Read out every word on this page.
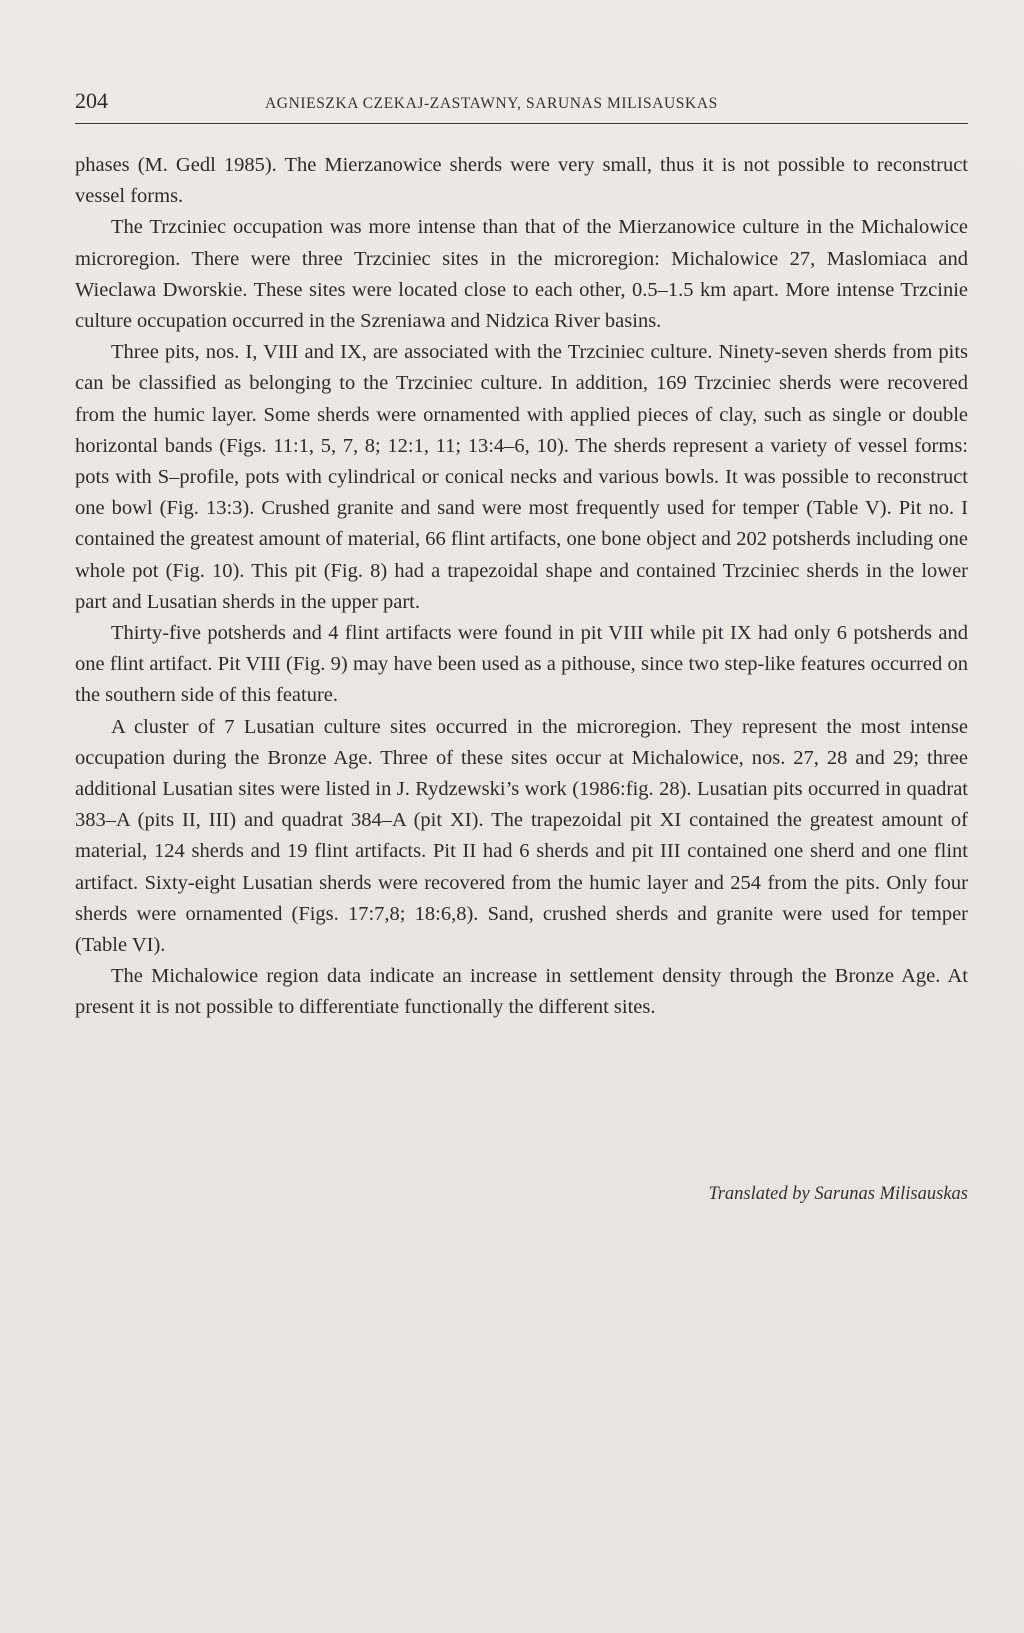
204	AGNIESZKA CZEKAJ-ZASTAWNY, SARUNAS MILISAUSKAS

phases (M. Gedl 1985). The Mierzanowice sherds were very small, thus it is not possible to reconstruct vessel forms.

The Trzciniec occupation was more intense than that of the Mierzanowice culture in the Michalowice microregion. There were three Trzciniec sites in the microregion: Michalowice 27, Maslomiaca and Wieclawa Dworskie. These sites were located close to each other, 0.5–1.5 km apart. More intense Trzcinie culture occupation occurred in the Szreniawa and Nidzica River basins.

Three pits, nos. I, VIII and IX, are associated with the Trzciniec culture. Ninety-seven sherds from pits can be classified as belonging to the Trzciniec culture. In addition, 169 Trzciniec sherds were recovered from the humic layer. Some sherds were ornamented with applied pieces of clay, such as single or double horizontal bands (Figs. 11:1, 5, 7, 8; 12:1, 11; 13:4–6, 10). The sherds represent a variety of vessel forms: pots with S–profile, pots with cylindrical or conical necks and various bowls. It was possible to reconstruct one bowl (Fig. 13:3). Crushed granite and sand were most frequently used for temper (Table V). Pit no. I contained the greatest amount of material, 66 flint artifacts, one bone object and 202 potsherds including one whole pot (Fig. 10). This pit (Fig. 8) had a trapezoidal shape and contained Trzciniec sherds in the lower part and Lusatian sherds in the upper part.

Thirty-five potsherds and 4 flint artifacts were found in pit VIII while pit IX had only 6 potsherds and one flint artifact. Pit VIII (Fig. 9) may have been used as a pithouse, since two step-like features occurred on the southern side of this feature.

A cluster of 7 Lusatian culture sites occurred in the microregion. They represent the most intense occupation during the Bronze Age. Three of these sites occur at Michalowice, nos. 27, 28 and 29; three additional Lusatian sites were listed in J. Rydzewski’s work (1986:fig. 28). Lusatian pits occurred in quadrat 383–A (pits II, III) and quadrat 384–A (pit XI). The trapezoidal pit XI contained the greatest amount of material, 124 sherds and 19 flint artifacts. Pit II had 6 sherds and pit III contained one sherd and one flint artifact. Sixty-eight Lusatian sherds were recovered from the humic layer and 254 from the pits. Only four sherds were ornamented (Figs. 17:7,8; 18:6,8). Sand, crushed sherds and granite were used for temper (Table VI).

The Michalowice region data indicate an increase in settlement density through the Bronze Age. At present it is not possible to differentiate functionally the different sites.

Translated by Sarunas Milisauskas
